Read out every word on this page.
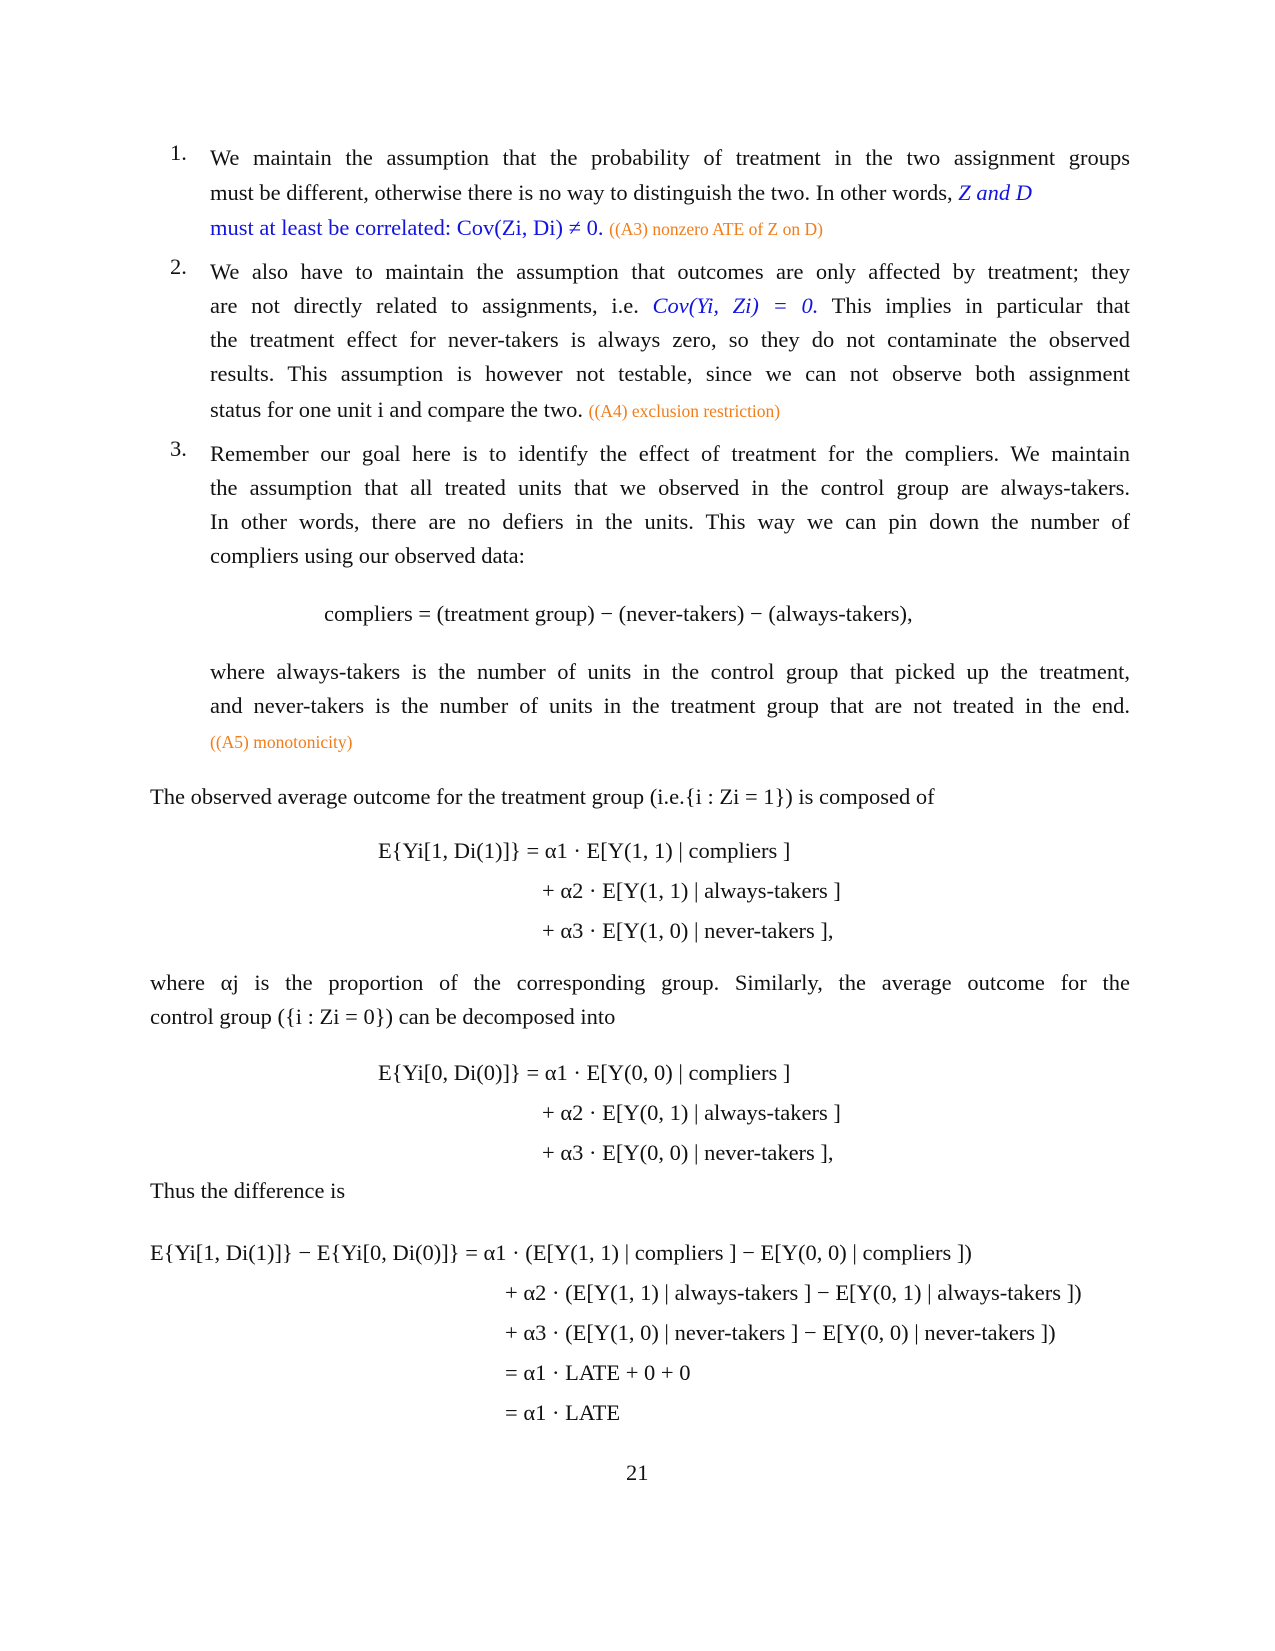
1. We maintain the assumption that the probability of treatment in the two assignment groups
must be different, otherwise there is no way to distinguish the two. In other words, Z and D
must at least be correlated: Cov(Zi, Di) ≠ 0. ((A3) nonzero ATE of Z on D)
2. We also have to maintain the assumption that outcomes are only affected by treatment; they
are not directly related to assignments, i.e. Cov(Yi, Zi) = 0. This implies in particular that
the treatment effect for never-takers is always zero, so they do not contaminate the observed
results. This assumption is however not testable, since we can not observe both assignment
status for one unit i and compare the two. ((A4) exclusion restriction)
3. Remember our goal here is to identify the effect of treatment for the compliers. We maintain
the assumption that all treated units that we observed in the control group are always-takers.
In other words, there are no defiers in the units. This way we can pin down the number of
compliers using our observed data:
compliers = (treatment group) − (never-takers) − (always-takers),
where always-takers is the number of units in the control group that picked up the treatment,
and never-takers is the number of units in the treatment group that are not treated in the end.
((A5) monotonicity)
The observed average outcome for the treatment group (i.e.{i : Zi = 1}) is composed of
E{Yi[1, Di(1)]} = α1 · E[Y(1, 1) | compliers ]
+ α2 · E[Y(1, 1) | always-takers ]
+ α3 · E[Y(1, 0) | never-takers ],
where αj is the proportion of the corresponding group. Similarly, the average outcome for the
control group ({i : Zi = 0}) can be decomposed into
E{Yi[0, Di(0)]} = α1 · E[Y(0, 0) | compliers ]
+ α2 · E[Y(0, 1) | always-takers ]
+ α3 · E[Y(0, 0) | never-takers ],
Thus the difference is
E{Yi[1, Di(1)]} − E{Yi[0, Di(0)]} = α1 · (E[Y(1, 1) | compliers ] − E[Y(0, 0) | compliers ])
+ α2 · (E[Y(1, 1) | always-takers ] − E[Y(0, 1) | always-takers ])
+ α3 · (E[Y(1, 0) | never-takers ] − E[Y(0, 0) | never-takers ])
= α1 · LATE + 0 + 0
= α1 · LATE
21
